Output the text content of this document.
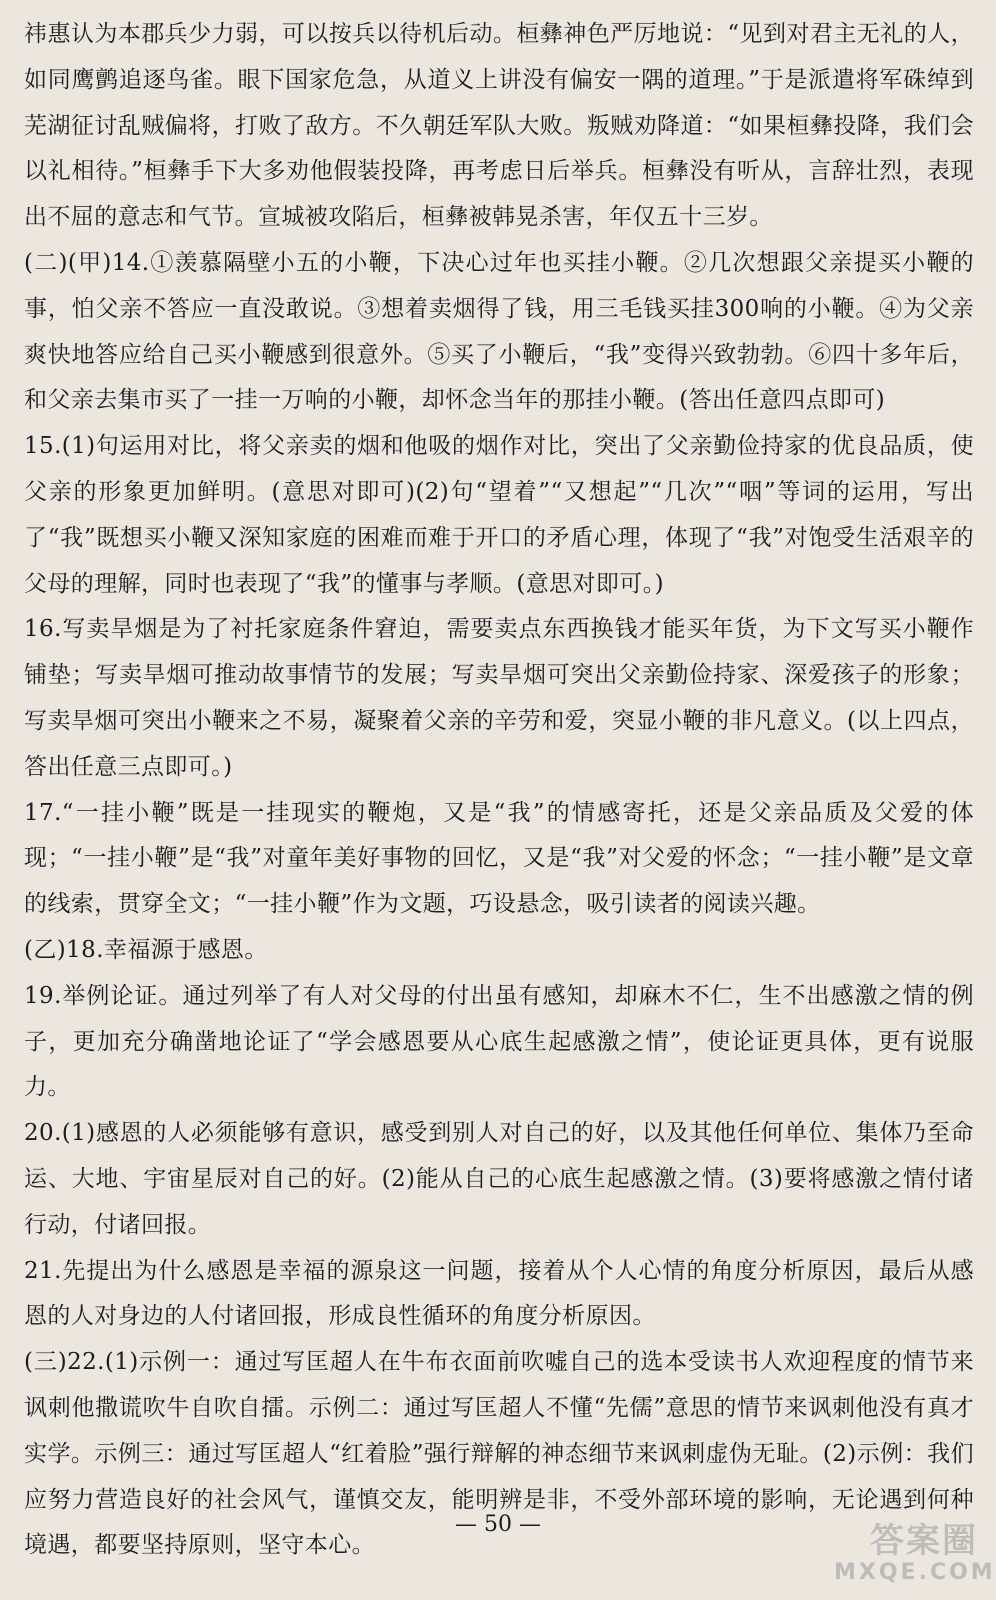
祎惠认为本郡兵少力弱，可以按兵以待机后动。桓彝神色严厉地说：“见到对君主无礼的人，如同鹰鹯追逐鸟雀。眼下国家危急，从道义上讲没有偏安一隅的道理。”于是派遣将军硃绰到芜湖征讨乱贼偏将，打败了敌方。不久朝廷军队大败。叛贼劝降道：“如果桓彝投降，我们会以礼相待。”桓彝手下大多劝他假装投降，再考虑日后举兵。桓彝没有听从，言辞壮烈，表现出不屈的意志和气节。宣城被攻陷后，桓彝被韩晃杀害，年仅五十三岁。

(二)(甲)14.①羡慕隔壁小五的小鞭，下决心过年也买挂小鞭。②几次想跟父亲提买小鞭的事，怕父亲不答应一直没敢说。③想着卖烟得了钱，用三毛钱买挂300响的小鞭。④为父亲爽快地答应给自己买小鞭感到很意外。⑤买了小鞭后，“我”变得兴致勃勃。⑥四十多年后，和父亲去集市买了一挂一万响的小鞭，却怀念当年的那挂小鞭。(答出任意四点即可)

15.(1)句运用对比，将父亲卖的烟和他吸的烟作对比，突出了父亲勤俭持家的优良品质，使父亲的形象更加鲜明。(意思对即可)(2)句“望着”“又想起”“几次”“咽”等词的运用，写出了“我”既想买小鞭又深知家庭的困难而难于开口的矛盾心理，体现了“我”对饱受生活艰辛的父母的理解，同时也表现了“我”的懂事与孝顺。(意思对即可。)

16.写卖旱烟是为了衬托家庭条件窘迫，需要卖点东西换钱才能买年货，为下文写买小鞭作铺垫；写卖旱烟可推动故事情节的发展；写卖旱烟可突出父亲勤俭持家、深爱孩子的形象；写卖旱烟可突出小鞭来之不易，凝聚着父亲的辛劳和爱，突显小鞭的非凡意义。(以上四点，答出任意三点即可。)

17.“一挂小鞭”既是一挂现实的鞭炮，又是“我”的情感寄托，还是父亲品质及父爱的体现；“一挂小鞭”是“我”对童年美好事物的回忆，又是“我”对父爱的怀念；“一挂小鞭”是文章的线索，贯穿全文；“一挂小鞭”作为文题，巧设悬念，吸引读者的阅读兴趣。

(乙)18.幸福源于感恩。

19.举例论证。通过列举了有人对父母的付出虽有感知，却麻木不仁，生不出感激之情的例子，更加充分确凿地论证了“学会感恩要从心底生起感激之情”，使论证更具体，更有说服力。

20.(1)感恩的人必须能够有意识，感受到别人对自己的好，以及其他任何单位、集体乃至命运、大地、宇宙星辰对自己的好。(2)能从自己的心底生起感激之情。(3)要将感激之情付诸行动，付诸回报。

21.先提出为什么感恩是幸福的源泉这一问题，接着从个人心情的角度分析原因，最后从感恩的人对身边的人付诸回报，形成良性循环的角度分析原因。

(三)22.(1)示例一：通过写匡超人在牛布衣面前吹嘘自己的选本受读书人欢迎程度的情节来讽刺他撒谎吹牛自吹自擂。示例二：通过写匡超人不懂“先儒”意思的情节来讽刺他没有真才实学。示例三：通过写匡超人“红着脸”强行辩解的神态细节来讽刺虚伪无耻。(2)示例：我们应努力营造良好的社会风气，谨慎交友，能明辨是非，不受外部环境的影响，无论遇到何种境遇，都要坚持原则，坚守本心。

— 50 —	答案圈
MXQE.COM
